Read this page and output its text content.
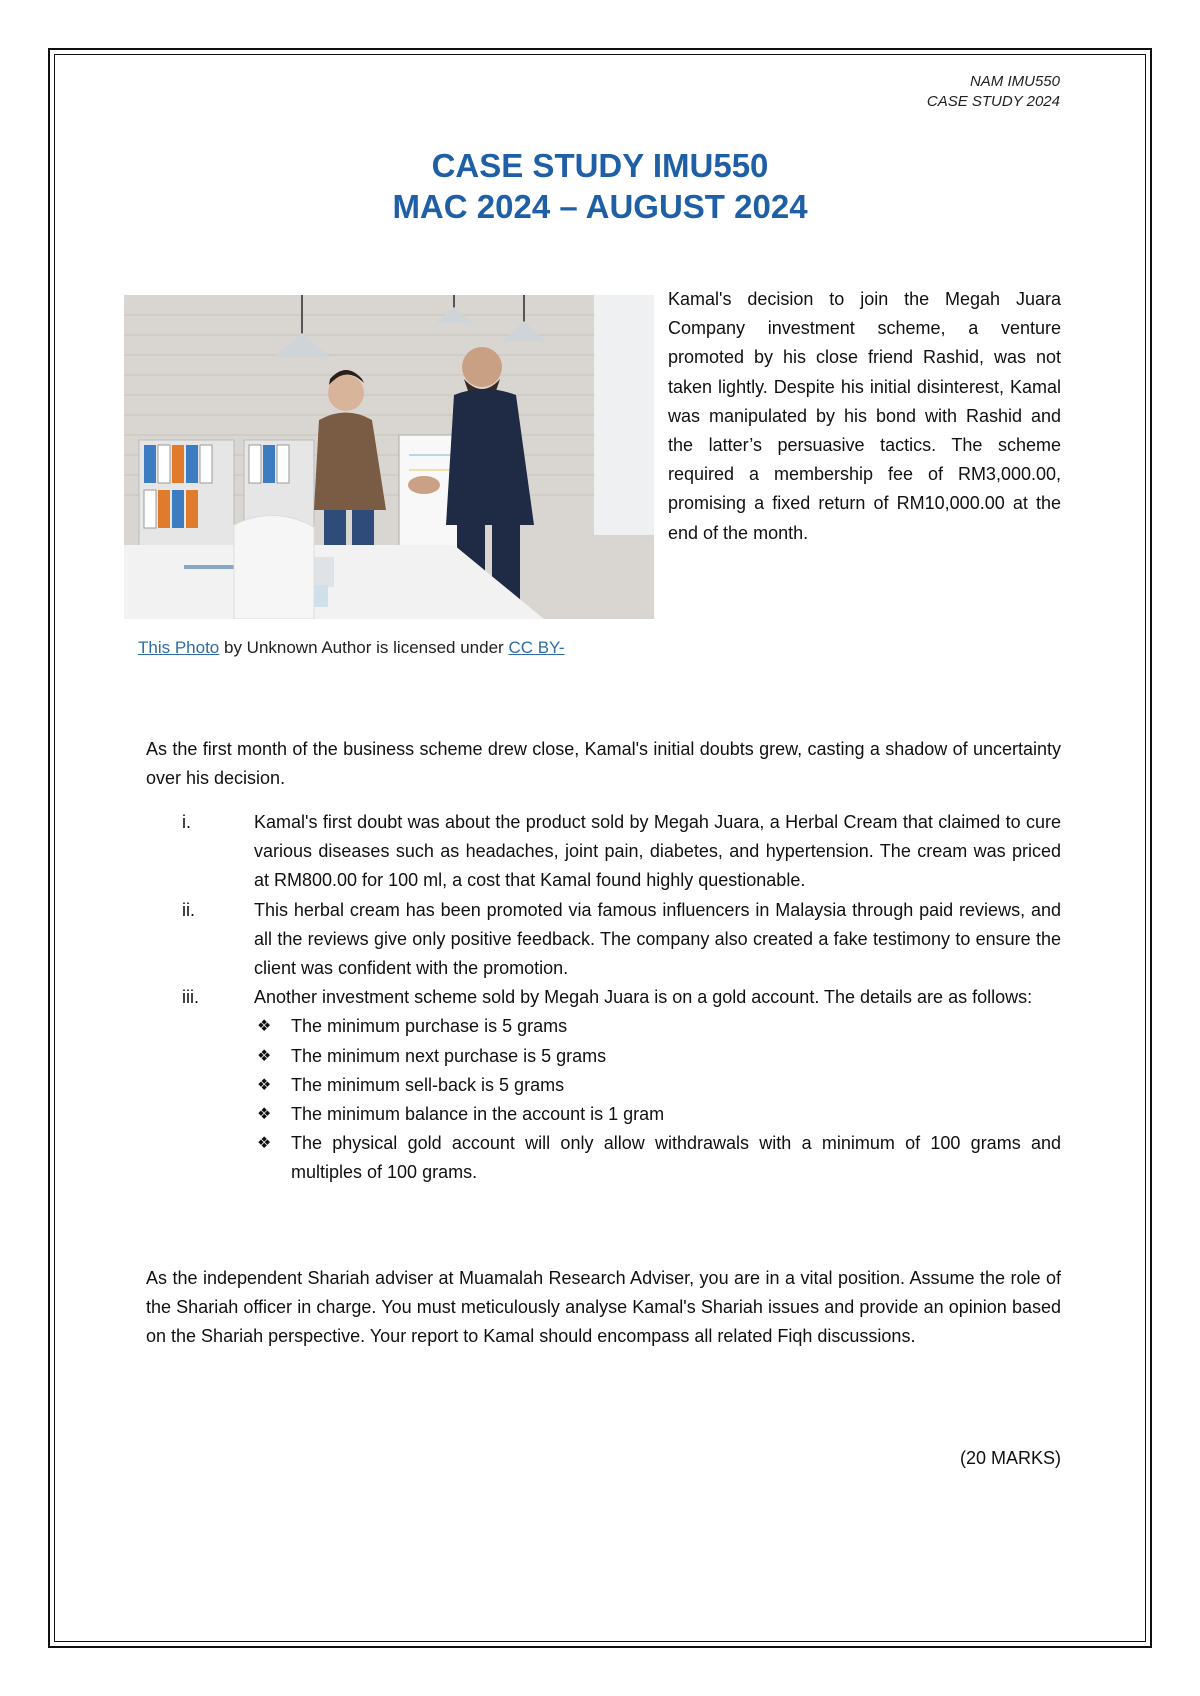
NAM IMU550
CASE STUDY 2024
CASE STUDY IMU550
MAC 2024 – AUGUST 2024
This Photo by Unknown Author is licensed under CC BY-
Kamal's decision to join the Megah Juara Company investment scheme, a venture promoted by his close friend Rashid, was not taken lightly. Despite his initial disinterest, Kamal was manipulated by his bond with Rashid and the latter’s persuasive tactics. The scheme required a membership fee of RM3,000.00, promising a fixed return of RM10,000.00 at the end of the month.

As the first month of the business scheme drew close, Kamal's initial doubts grew, casting a shadow of uncertainty over his decision.

i.	Kamal's first doubt was about the product sold by Megah Juara, a Herbal Cream that claimed to cure various diseases such as headaches, joint pain, diabetes, and hypertension. The cream was priced at RM800.00 for 100 ml, a cost that Kamal found highly questionable.
ii.	This herbal cream has been promoted via famous influencers in Malaysia through paid reviews, and all the reviews give only positive feedback. The company also created a fake testimony to ensure the client was confident with the promotion.
iii.	Another investment scheme sold by Megah Juara is on a gold account. The details are as follows:
❖ The minimum purchase is 5 grams
❖ The minimum next purchase is 5 grams
❖ The minimum sell-back is 5 grams
❖ The minimum balance in the account is 1 gram
❖ The physical gold account will only allow withdrawals with a minimum of 100 grams and multiples of 100 grams.

As the independent Shariah adviser at Muamalah Research Adviser, you are in a vital position. Assume the role of the Shariah officer in charge. You must meticulously analyse Kamal's Shariah issues and provide an opinion based on the Shariah perspective. Your report to Kamal should encompass all related Fiqh discussions.

(20 MARKS)
